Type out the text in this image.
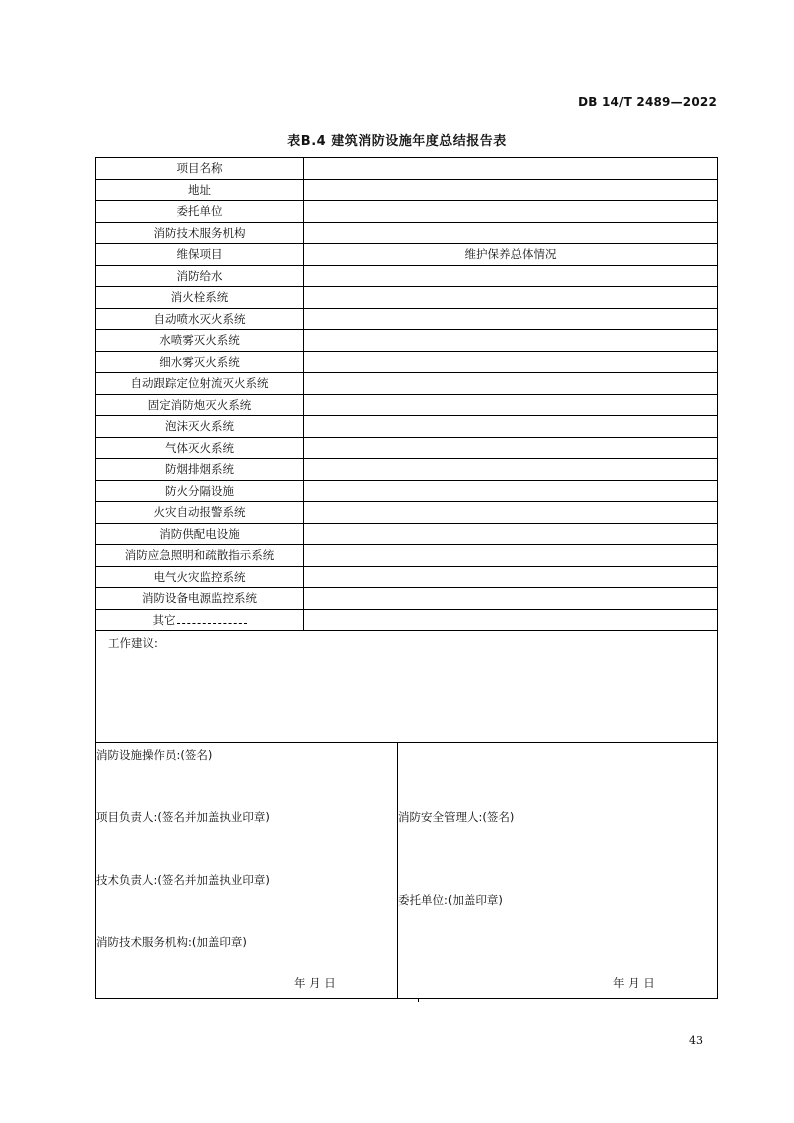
DB 14/T 2489—2022
表B.4 建筑消防设施年度总结报告表
项目名称	
地址	
委托单位	
消防技术服务机构	
维保项目	维护保养总体情况
消防给水	
消火栓系统	
自动喷水灭火系统	
水喷雾灭火系统	
细水雾灭火系统	
自动跟踪定位射流灭火系统	
固定消防炮灭火系统	
泡沫灭火系统	
气体灭火系统	
防烟排烟系统	
防火分隔设施	
火灾自动报警系统	
消防供配电设施	
消防应急照明和疏散指示系统	
电气火灾监控系统	
消防设备电源监控系统	
其它	
工作建议:
消防设施操作员:(签名)
项目负责人:(签名并加盖执业印章)
技术负责人:(签名并加盖执业印章)
消防技术服务机构:(加盖印章)
年 月 日
消防安全管理人:(签名)
委托单位:(加盖印章)
年 月 日
43
